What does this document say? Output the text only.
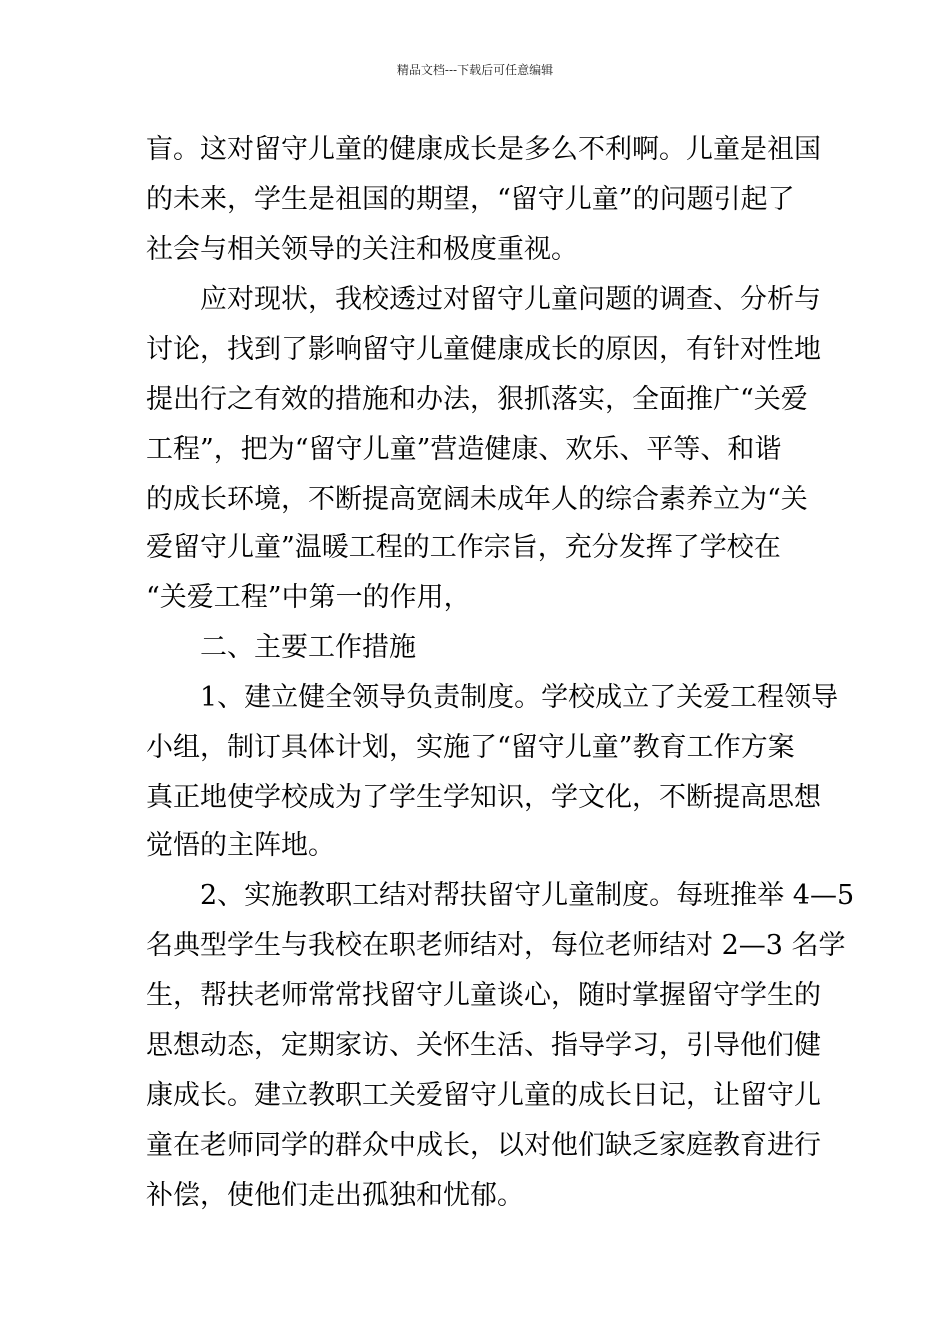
精品文档---下载后可任意编辑
盲。这对留守儿童的健康成长是多么不利啊。儿童是祖国
的未来，学生是祖国的期望，“留守儿童”的问题引起了
社会与相关领导的关注和极度重视。
　　应对现状，我校透过对留守儿童问题的调查、分析与
讨论，找到了影响留守儿童健康成长的原因，有针对性地
提出行之有效的措施和办法，狠抓落实，全面推广“关爱
工程”，把为“留守儿童”营造健康、欢乐、平等、和谐
的成长环境，不断提高宽阔未成年人的综合素养立为“关
爱留守儿童”温暖工程的工作宗旨，充分发挥了学校在
“关爱工程”中第一的作用，
　　二、主要工作措施
　　1、建立健全领导负责制度。学校成立了关爱工程领导
小组，制订具体计划，实施了“留守儿童”教育工作方案
真正地使学校成为了学生学知识，学文化，不断提高思想
觉悟的主阵地。
　　2、实施教职工结对帮扶留守儿童制度。每班推举 4—5
名典型学生与我校在职老师结对，每位老师结对 2—3 名学
生，帮扶老师常常找留守儿童谈心，随时掌握留守学生的
思想动态，定期家访、关怀生活、指导学习，引导他们健
康成长。建立教职工关爱留守儿童的成长日记，让留守儿
童在老师同学的群众中成长，以对他们缺乏家庭教育进行
补偿，使他们走出孤独和忧郁。
